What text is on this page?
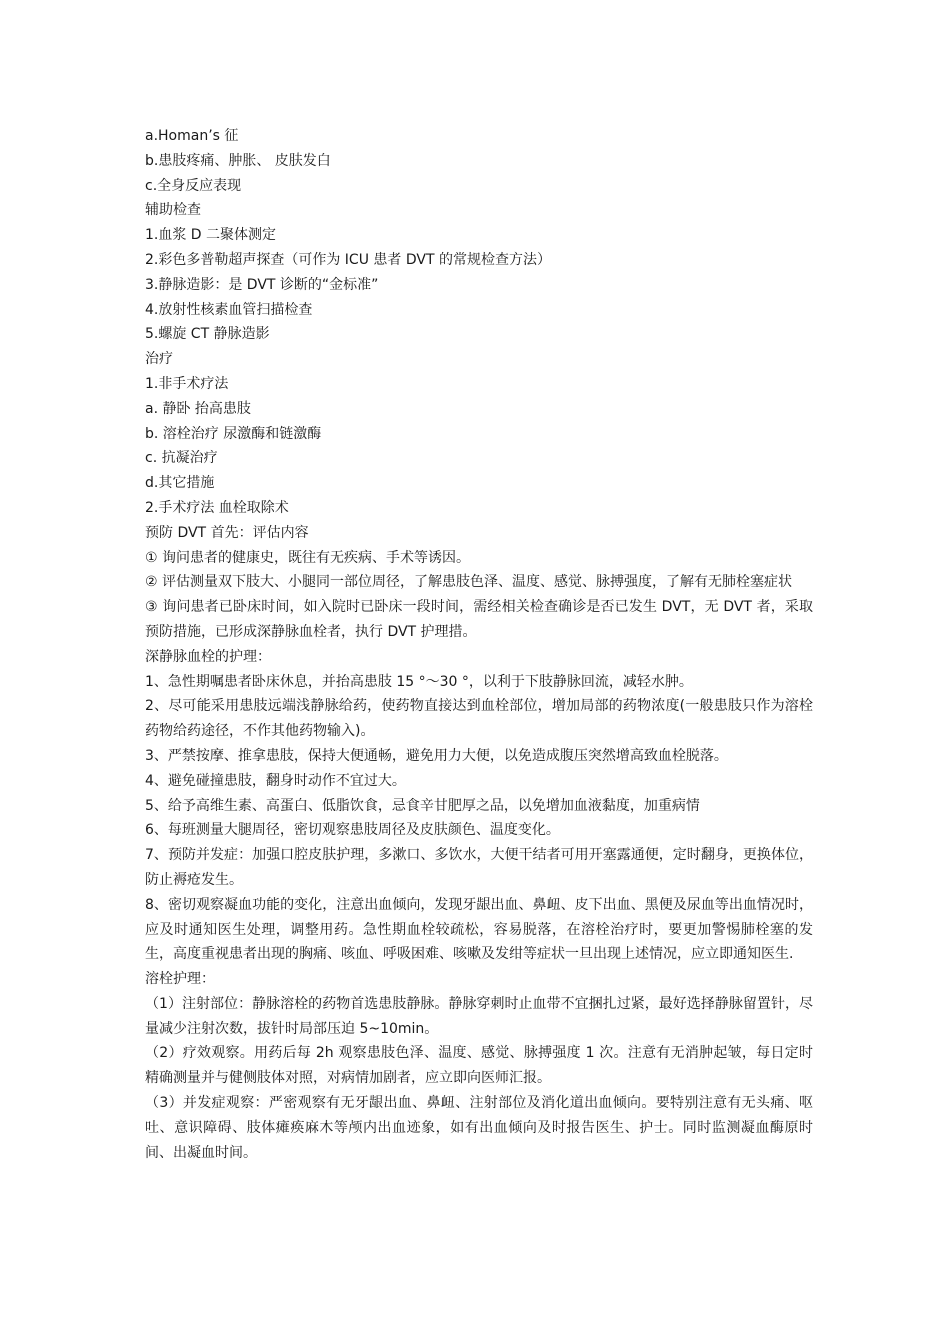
a.Homan’s 征

b.患肢疼痛、肿胀、 皮肤发白

c.全身反应表现

辅助检查

1.血浆 D 二聚体测定

2.彩色多普勒超声探查（可作为 ICU 患者 DVT 的常规检查方法）

3.静脉造影：是 DVT 诊断的“金标准”

4.放射性核素血管扫描检查

5.螺旋 CT 静脉造影

治疗

1.非手术疗法

a. 静卧 抬高患肢

b. 溶栓治疗 尿激酶和链激酶

c. 抗凝治疗

d.其它措施

2.手术疗法 血栓取除术

预防 DVT 首先：评估内容

① 询问患者的健康史，既往有无疾病、手术等诱因。

② 评估测量双下肢大、小腿同一部位周径，了解患肢色泽、温度、感觉、脉搏强度，了解有无肺栓塞症状

③ 询问患者已卧床时间，如入院时已卧床一段时间，需经相关检查确诊是否已发生 DVT，无 DVT 者，采取预防措施，已形成深静脉血栓者，执行 DVT 护理措。

深静脉血栓的护理：

1、急性期嘱患者卧床休息，并抬高患肢 15 °～30 °，以利于下肢静脉回流，减轻水肿。

2、尽可能采用患肢远端浅静脉给药，使药物直接达到血栓部位，增加局部的药物浓度(一般患肢只作为溶栓药物给药途径，不作其他药物输入)。

3、严禁按摩、推拿患肢，保持大便通畅，避免用力大便，以免造成腹压突然增高致血栓脱落。

4、避免碰撞患肢，翻身时动作不宜过大。

5、给予高维生素、高蛋白、低脂饮食，忌食辛甘肥厚之品，以免增加血液黏度，加重病情

6、每班测量大腿周径，密切观察患肢周径及皮肤颜色、温度变化。

7、预防并发症：加强口腔皮肤护理，多漱口、多饮水，大便干结者可用开塞露通便，定时翻身，更换体位，防止褥疮发生。

8、密切观察凝血功能的变化，注意出血倾向，发现牙龈出血、鼻衄、皮下出血、黑便及尿血等出血情况时，应及时通知医生处理，调整用药。急性期血栓较疏松，容易脱落，在溶栓治疗时，要更加警惕肺栓塞的发生，高度重视患者出现的胸痛、咳血、呼吸困难、咳嗽及发绀等症状一旦出现上述情况，应立即通知医生.

溶栓护理：

（1）注射部位：静脉溶栓的药物首选患肢静脉。静脉穿刺时止血带不宜捆扎过紧，最好选择静脉留置针，尽量减少注射次数，拔针时局部压迫 5~10min。

（2）疗效观察。用药后每 2h 观察患肢色泽、温度、感觉、脉搏强度 1 次。注意有无消肿起皱，每日定时精确测量并与健侧肢体对照，对病情加剧者，应立即向医师汇报。

（3）并发症观察：严密观察有无牙龈出血、鼻衄、注射部位及消化道出血倾向。要特别注意有无头痛、呕吐、意识障碍、肢体瘫痪麻木等颅内出血迹象，如有出血倾向及时报告医生、护士。同时监测凝血酶原时间、出凝血时间。
